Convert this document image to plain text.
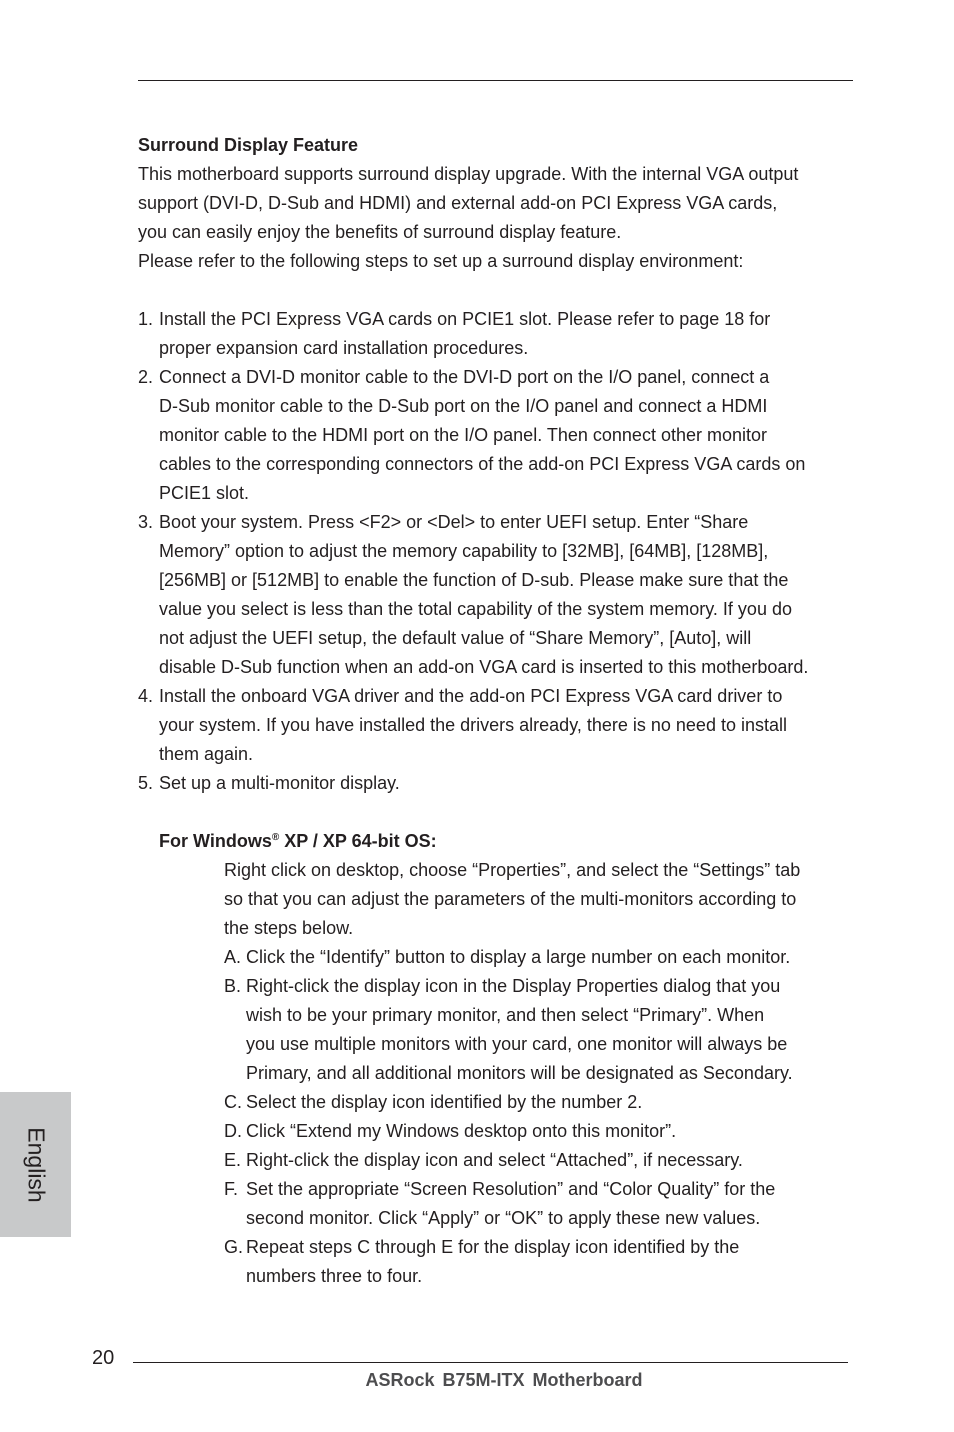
Surround Display Feature
This motherboard supports surround display upgrade. With the internal VGA output
support (DVI-D, D-Sub and HDMI) and external add-on PCI Express VGA cards,
you can easily enjoy the benefits of surround display feature.
Please refer to the following steps to set up a surround display environment:
1. Install the PCI Express VGA cards on PCIE1 slot. Please refer to page 18 for
proper expansion card installation procedures.
2. Connect a DVI-D monitor cable to the DVI-D port on the I/O panel, connect a
D-Sub monitor cable to the D-Sub port on the I/O panel and connect a HDMI
monitor cable to the HDMI port on the I/O panel. Then connect other monitor
cables to the corresponding connectors of the add-on PCI Express VGA cards on
PCIE1 slot.
3. Boot your system. Press <F2> or <Del> to enter UEFI setup. Enter “Share
Memory” option to adjust the memory capability to [32MB], [64MB], [128MB],
[256MB] or [512MB] to enable the function of D-sub. Please make sure that the
value you select is less than the total capability of the system memory. If you do
not adjust the UEFI setup, the default value of “Share Memory”, [Auto], will
disable D-Sub function when an add-on VGA card is inserted to this motherboard.
4. Install the onboard VGA driver and the add-on PCI Express VGA card driver to
your system. If you have installed the drivers already, there is no need to install
them again.
5. Set up a multi-monitor display.
For Windows® XP / XP 64-bit OS:
Right click on desktop, choose “Properties”, and select the “Settings” tab
so that you can adjust the parameters of the multi-monitors according to
the steps below.
A. Click the “Identify” button to display a large number on each monitor.
B. Right-click the display icon in the Display Properties dialog that you
wish to be your primary monitor, and then select “Primary”. When
you use multiple monitors with your card, one monitor will always be
Primary, and all additional monitors will be designated as Secondary.
C. Select the display icon identified by the number 2.
D. Click “Extend my Windows desktop onto this monitor”.
E. Right-click the display icon and select “Attached”, if necessary.
F. Set the appropriate “Screen Resolution” and “Color Quality” for the
second monitor. Click “Apply” or “OK” to apply these new values.
G. Repeat steps C through E for the display icon identified by the
numbers three to four.
English
20
ASRock B75M-ITX Motherboard
